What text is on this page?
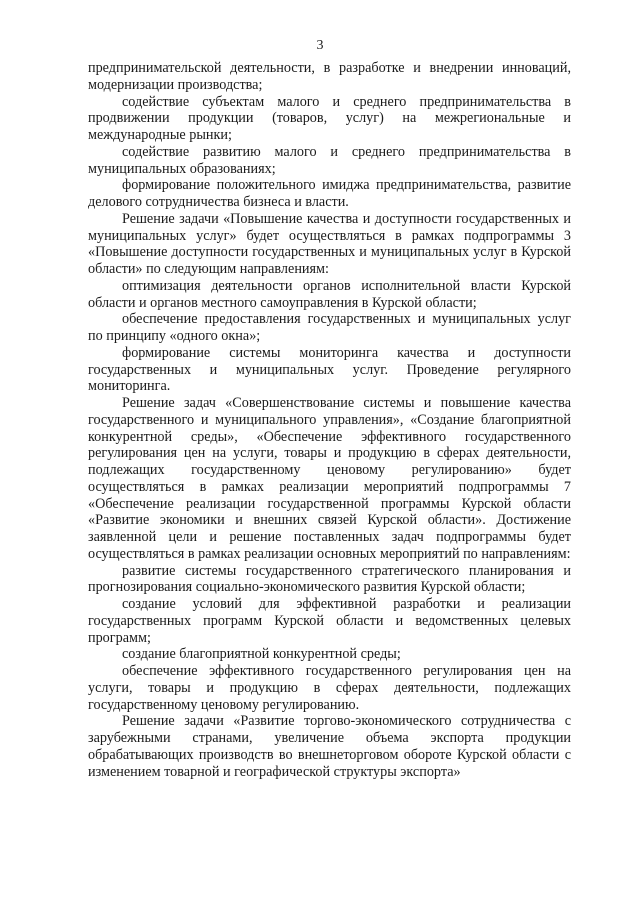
3

предпринимательской деятельности, в разработке и внедрении инноваций, модернизации производства;

содействие субъектам малого и среднего предпринимательства в продвижении продукции (товаров, услуг) на межрегиональные и международные рынки;

содействие развитию малого и среднего предпринимательства в муниципальных образованиях;

формирование положительного имиджа предпринимательства, развитие делового сотрудничества бизнеса и власти.

Решение задачи «Повышение качества и доступности государственных и муниципальных услуг» будет осуществляться в рамках подпрограммы 3 «Повышение доступности государственных и муниципальных услуг в Курской области» по следующим направлениям:

оптимизация деятельности органов исполнительной власти Курской области и органов местного самоуправления в Курской области;

обеспечение предоставления государственных и муниципальных услуг по принципу «одного окна»;

формирование системы мониторинга качества и доступности государственных и муниципальных услуг. Проведение регулярного мониторинга.

Решение задач «Совершенствование системы и повышение качества государственного и муниципального управления», «Создание благоприятной конкурентной среды», «Обеспечение эффективного государственного регулирования цен на услуги, товары и продукцию в сферах деятельности, подлежащих государственному ценовому регулированию» будет осуществляться в рамках реализации мероприятий подпрограммы 7 «Обеспечение реализации государственной программы Курской области «Развитие экономики и внешних связей Курской области». Достижение заявленной цели и решение поставленных задач подпрограммы будет осуществляться в рамках реализации основных мероприятий по направлениям:

развитие системы государственного стратегического планирования и прогнозирования социально-экономического развития Курской области;

создание условий для эффективной разработки и реализации государственных программ Курской области и ведомственных целевых программ;

создание благоприятной конкурентной среды;

обеспечение эффективного государственного регулирования цен на услуги, товары и продукцию в сферах деятельности, подлежащих государственному ценовому регулированию.

Решение задачи «Развитие торгово-экономического сотрудничества с зарубежными странами, увеличение объема экспорта продукции обрабатывающих производств во внешнеторговом обороте Курской области с изменением товарной и географической структуры экспорта»
